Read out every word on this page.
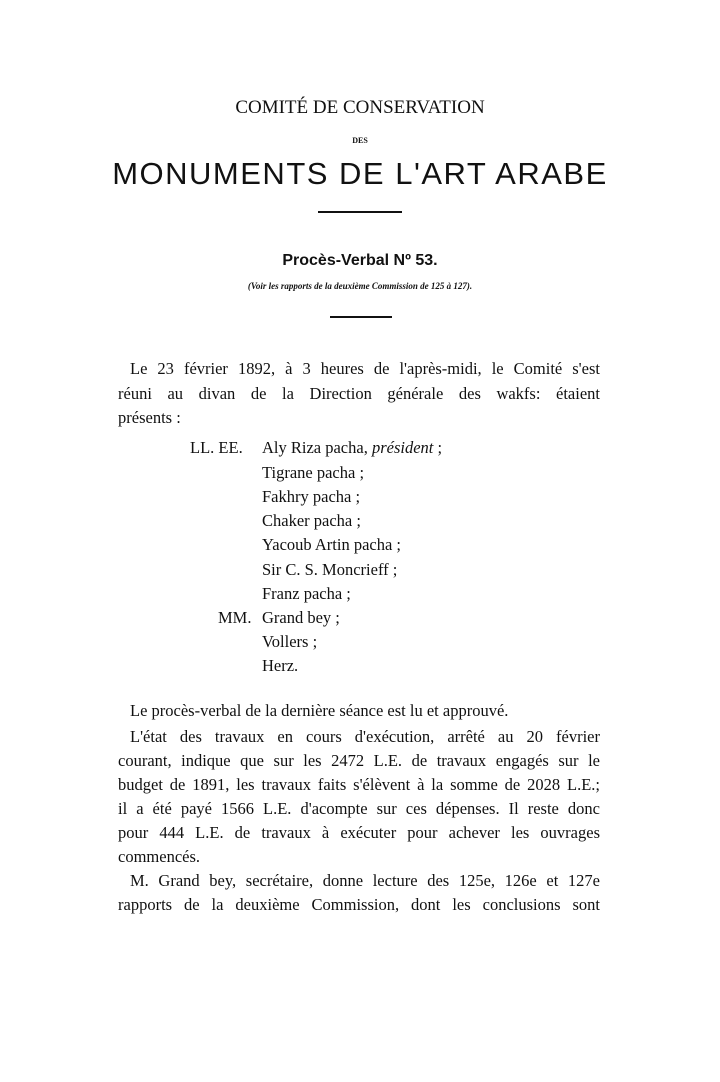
COMITÉ DE CONSERVATION
DES
MONUMENTS DE L'ART ARABE
Procès-Verbal Nº 53.
(Voir les rapports de la deuxième Commission de 125 à 127).
Le 23 février 1892, à 3 heures de l'après-midi, le Comité s'est
réuni au divan de la Direction générale des wakfs: étaient
présents :
LL. EE. Aly Riza pacha, président ;
Tigrane pacha ;
Fakhry pacha ;
Chaker pacha ;
Yacoub Artin pacha ;
Sir C. S. Moncrieff ;
Franz pacha ;
MM. Grand bey ;
Vollers ;
Herz.
Le procès-verbal de la dernière séance est lu et approuvé.
L'état des travaux en cours d'exécution, arrêté au 20 février
courant, indique que sur les 2472 L.E. de travaux engagés sur le
budget de 1891, les travaux faits s'élèvent à la somme de 2028 L.E.;
il a été payé 1566 L.E. d'acompte sur ces dépenses. Il reste donc
pour 444 L.E. de travaux à exécuter pour achever les ouvrages
commencés.
M. Grand bey, secrétaire, donne lecture des 125e, 126e et 127e
rapports de la deuxième Commission, dont les conclusions sont
